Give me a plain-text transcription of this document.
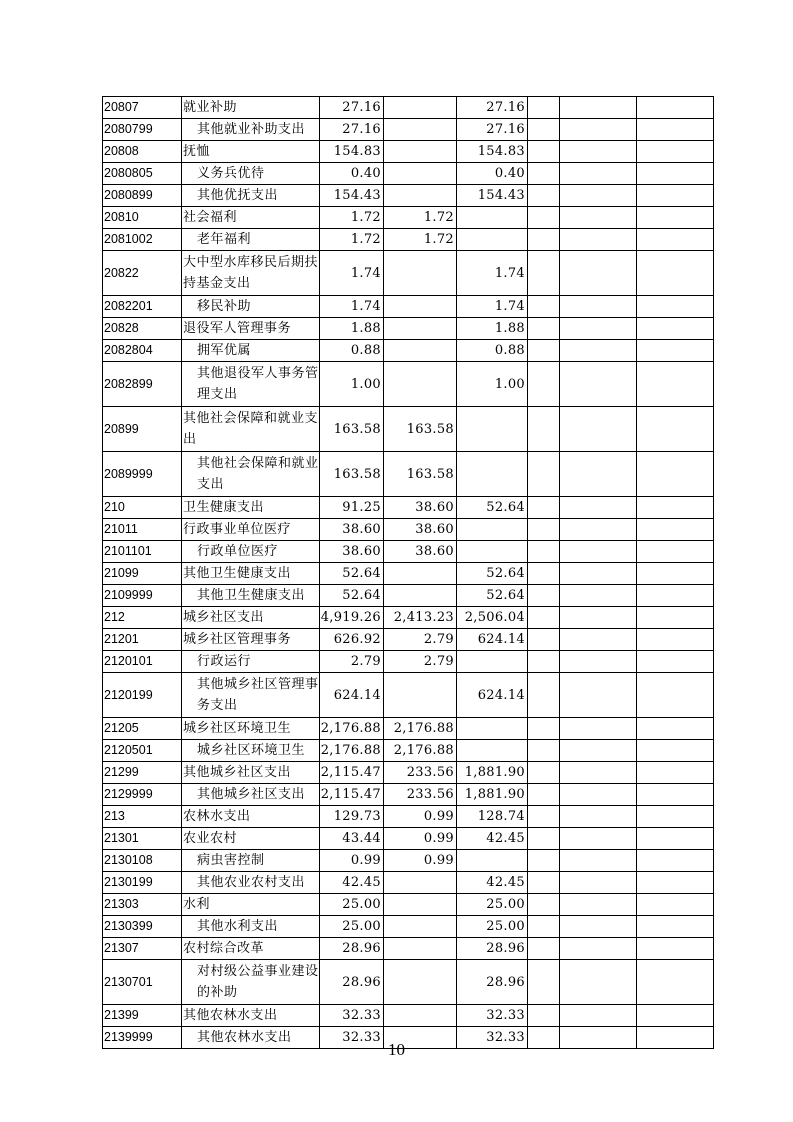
20807	就业补助	27.16		27.16			
2080799	其他就业补助支出	27.16		27.16			
20808	抚恤	154.83		154.83			
2080805	义务兵优待	0.40		0.40			
2080899	其他优抚支出	154.43		154.43			
20810	社会福利	1.72	1.72				
2081002	老年福利	1.72	1.72				
20822	大中型水库移民后期扶持基金支出	1.74		1.74			
2082201	移民补助	1.74		1.74			
20828	退役军人管理事务	1.88		1.88			
2082804	拥军优属	0.88		0.88			
2082899	其他退役军人事务管理支出	1.00		1.00			
20899	其他社会保障和就业支出	163.58	163.58				
2089999	其他社会保障和就业支出	163.58	163.58				
210	卫生健康支出	91.25	38.60	52.64			
21011	行政事业单位医疗	38.60	38.60				
2101101	行政单位医疗	38.60	38.60				
21099	其他卫生健康支出	52.64		52.64			
2109999	其他卫生健康支出	52.64		52.64			
212	城乡社区支出	4,919.26	2,413.23	2,506.04			
21201	城乡社区管理事务	626.92	2.79	624.14			
2120101	行政运行	2.79	2.79				
2120199	其他城乡社区管理事务支出	624.14		624.14			
21205	城乡社区环境卫生	2,176.88	2,176.88				
2120501	城乡社区环境卫生	2,176.88	2,176.88				
21299	其他城乡社区支出	2,115.47	233.56	1,881.90			
2129999	其他城乡社区支出	2,115.47	233.56	1,881.90			
213	农林水支出	129.73	0.99	128.74			
21301	农业农村	43.44	0.99	42.45			
2130108	病虫害控制	0.99	0.99				
2130199	其他农业农村支出	42.45		42.45			
21303	水利	25.00		25.00			
2130399	其他水利支出	25.00		25.00			
21307	农村综合改革	28.96		28.96			
2130701	对村级公益事业建设的补助	28.96		28.96			
21399	其他农林水支出	32.33		32.33			
2139999	其他农林水支出	32.33		32.33			
10
